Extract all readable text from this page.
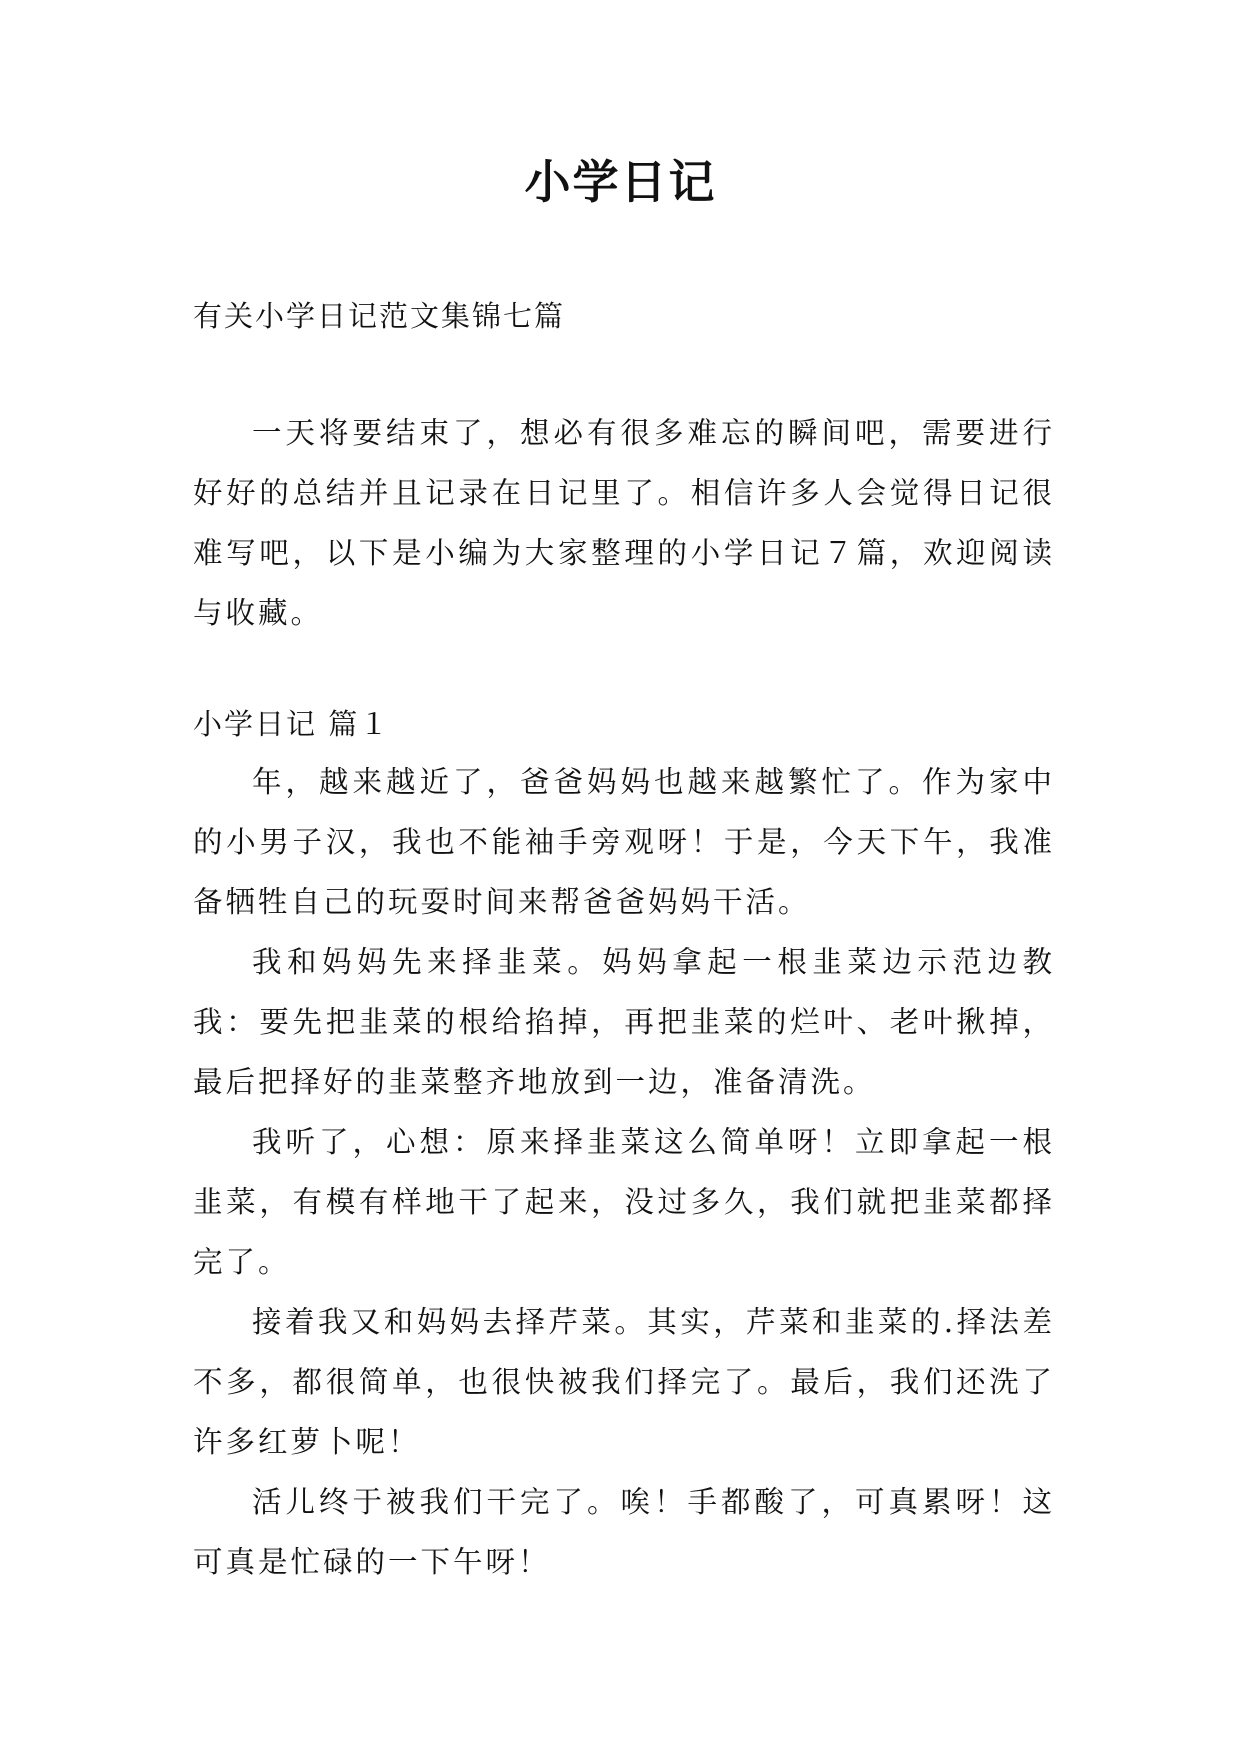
小学日记
有关小学日记范文集锦七篇

一天将要结束了，想必有很多难忘的瞬间吧，需要进行好好的总结并且记录在日记里了。相信许多人会觉得日记很难写吧，以下是小编为大家整理的小学日记７篇，欢迎阅读与收藏。

小学日记 篇１

年，越来越近了，爸爸妈妈也越来越繁忙了。作为家中的小男子汉，我也不能袖手旁观呀！于是，今天下午，我准备牺牲自己的玩耍时间来帮爸爸妈妈干活。

我和妈妈先来择韭菜。妈妈拿起一根韭菜边示范边教我：要先把韭菜的根给掐掉，再把韭菜的烂叶、老叶揪掉，最后把择好的韭菜整齐地放到一边，准备清洗。

我听了，心想：原来择韭菜这么简单呀！立即拿起一根韭菜，有模有样地干了起来，没过多久，我们就把韭菜都择完了。

接着我又和妈妈去择芹菜。其实，芹菜和韭菜的.择法差不多，都很简单，也很快被我们择完了。最后，我们还洗了许多红萝卜呢！

活儿终于被我们干完了。唉！手都酸了，可真累呀！这可真是忙碌的一下午呀！
